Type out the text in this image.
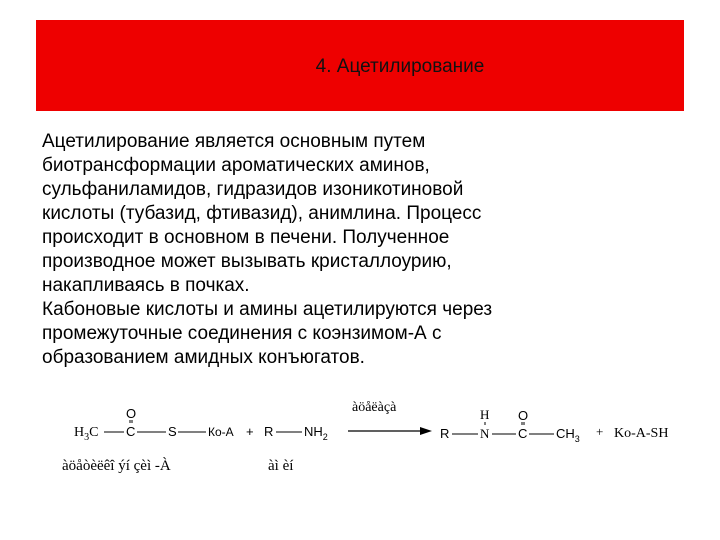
4. Ацетилирование

Ацетилирование является основным путем
биотрансформации ароматических аминов,
сульфаниламидов, гидразидов изоникотиновой
кислоты (тубазид, фтивазид), анимлина. Процесс
происходит в основном в печени. Полученное
производное может вызывать кристаллоурию,
накапливаясь в почках.

Кабоновые кислоты и амины ацетилируются через
промежуточные соединения с коэнзимом-А с
образованием амидных конъюгатов.

$H_3C$ C
O
S	Ко-А + R $NH_2$
àöåëàçà
R N
H
C
O
$CH_3 + Ko-A-SH$
àöåòèëêî ýí çèì -À	àì èí
